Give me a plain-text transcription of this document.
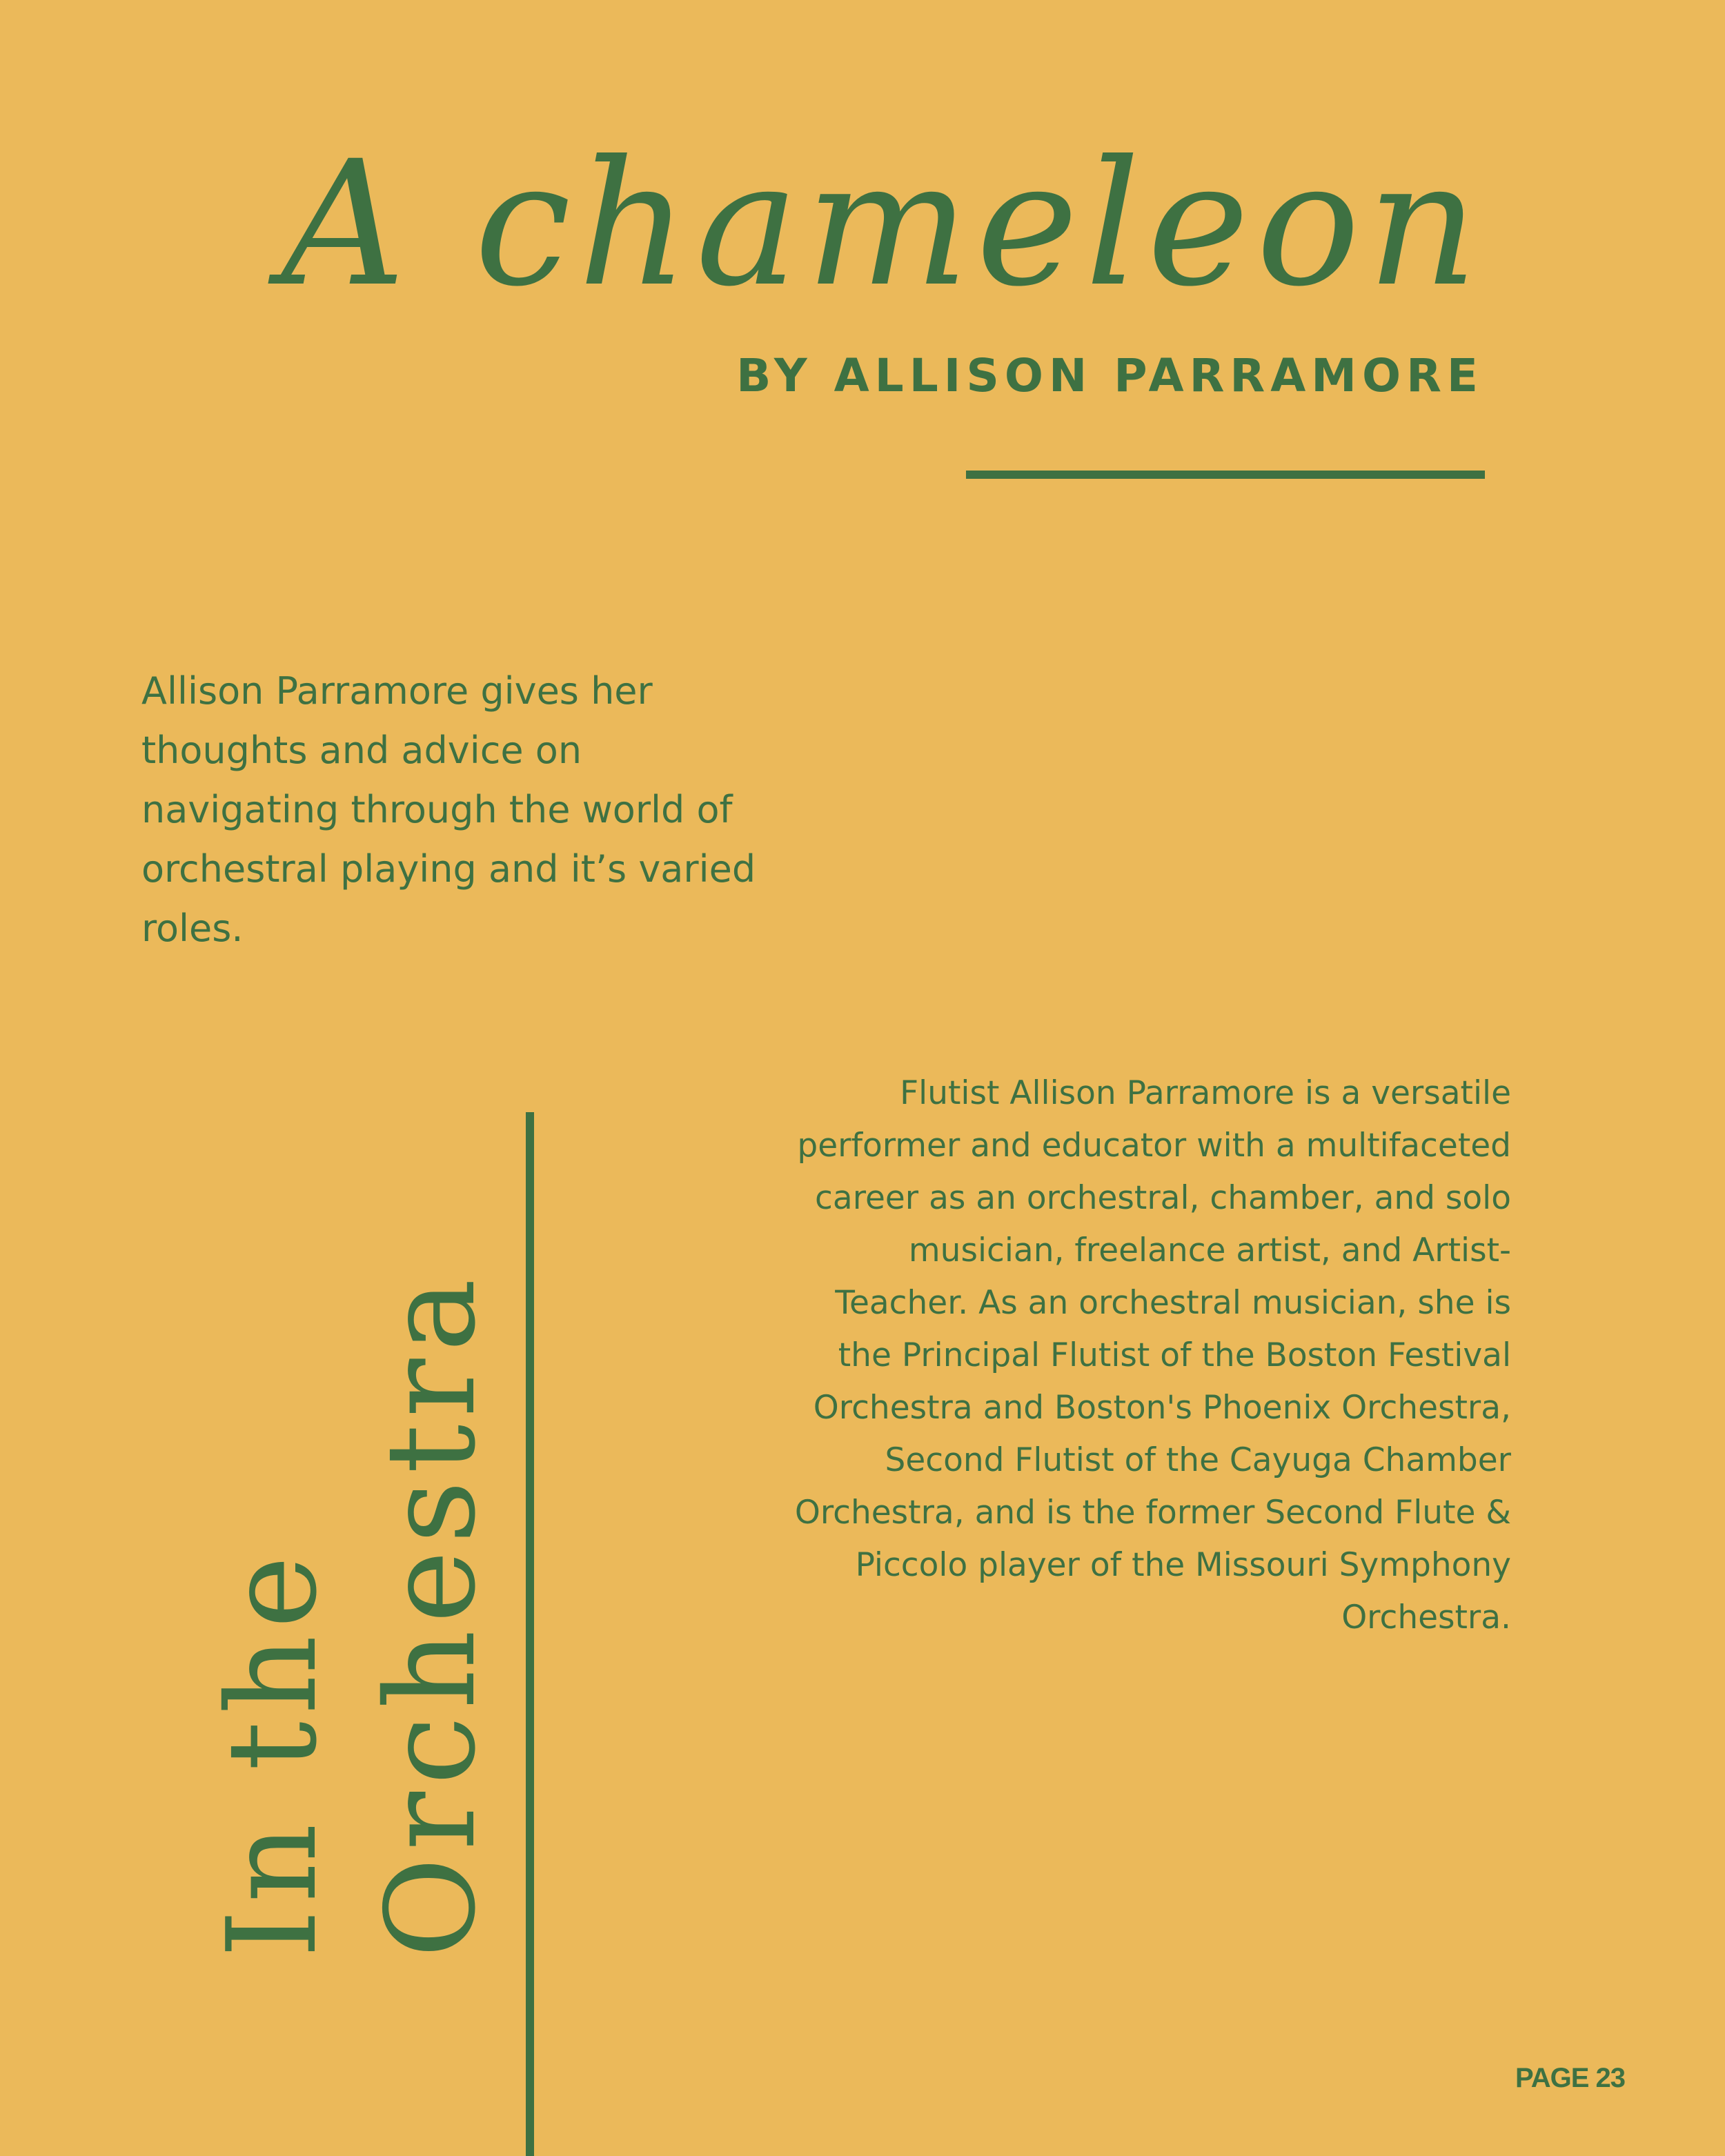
A chameleon
BY ALLISON PARRAMORE

Allison Parramore gives her thoughts and advice on navigating through the world of orchestral playing and it’s varied roles.

In the Orchestra

Flutist Allison Parramore is a versatile performer and educator with a multifaceted career as an orchestral, chamber, and solo musician, freelance artist, and Artist-Teacher. As an orchestral musician, she is the Principal Flutist of the Boston Festival Orchestra and Boston's Phoenix Orchestra, Second Flutist of the Cayuga Chamber Orchestra, and is the former Second Flute & Piccolo player of the Missouri Symphony Orchestra.

PAGE 23
